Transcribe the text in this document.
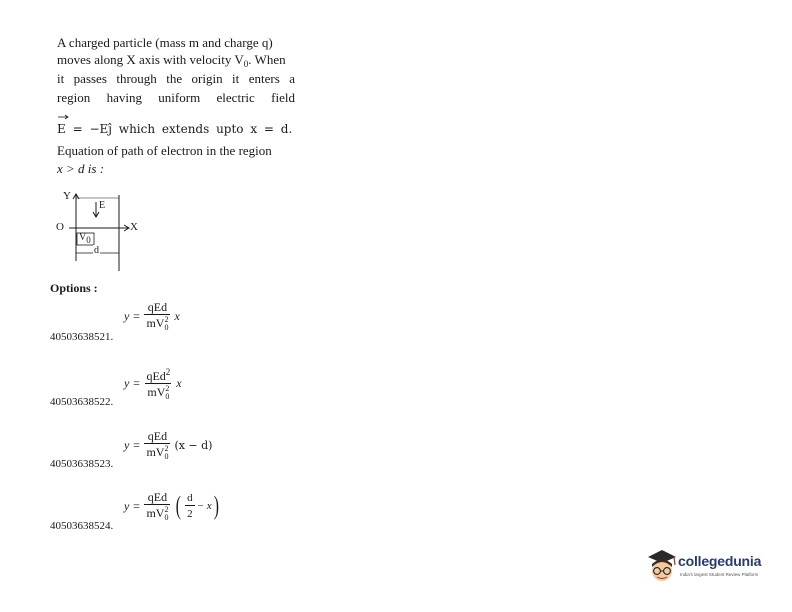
A charged particle (mass m and charge q)
moves along X axis with velocity $V_0$. When
it passes through the origin it enters a
region having uniform electric field
E = −Eĵ which extends upto x = d.
Equation of path of electron in the region
x > d is :
Y
O	X
E
V0
d
Options :
y = qEd
mV 2
0 x
40503638521.
y = qEd$^2$
mV 2
0 x
40503638522.
y = qEd
mV 2
0 (x − d)
40503638523.
y = qEd
mV 2
0 ( $\frac{d}{2} - x$ )
40503638524.
collegedunia
India's largest Student Review Platform
